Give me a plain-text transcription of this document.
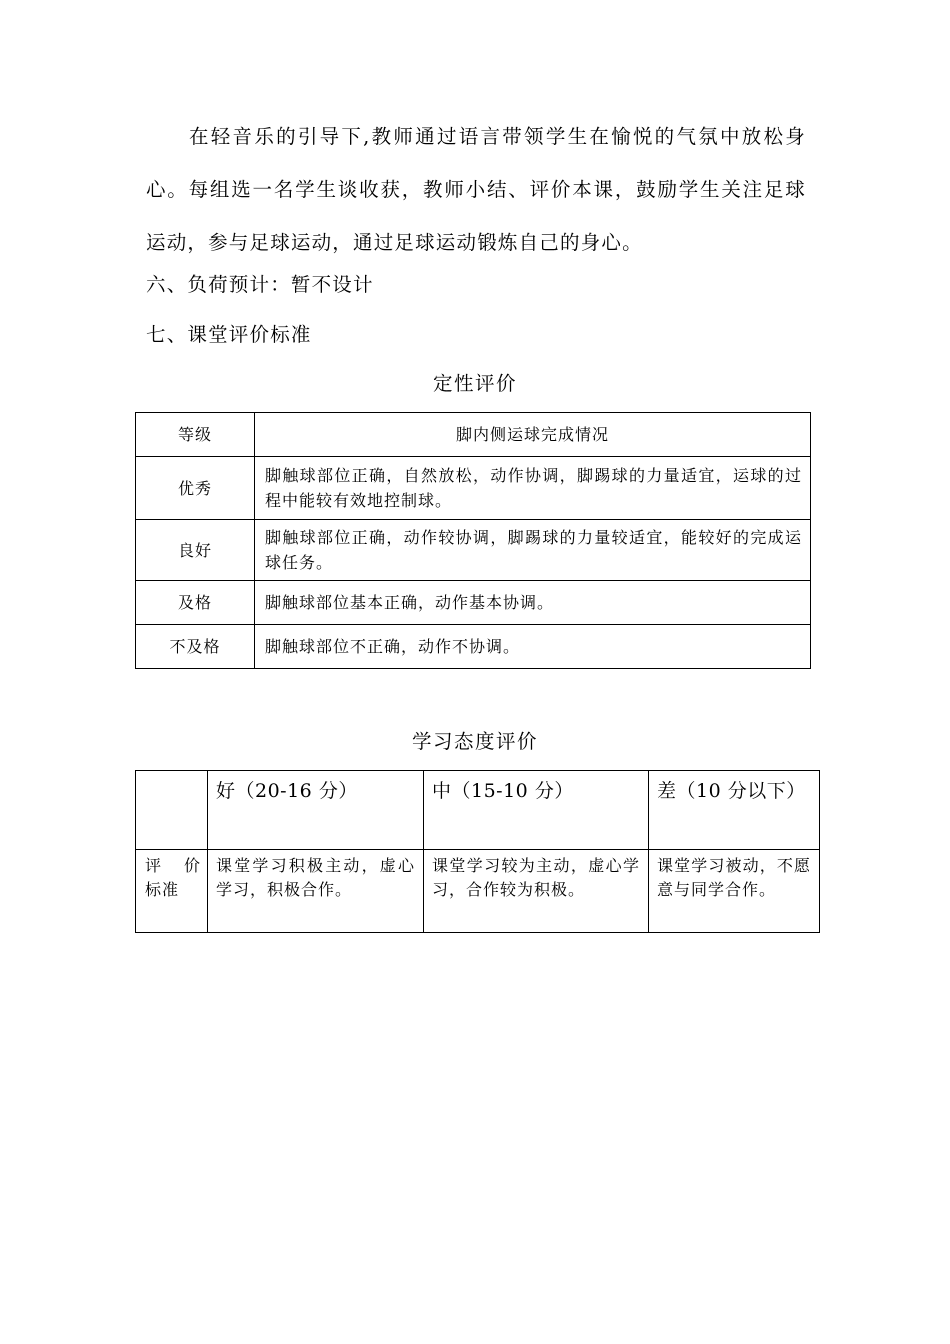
在轻音乐的引导下,教师通过语言带领学生在愉悦的气氛中放松身心。每组选一名学生谈收获，教师小结、评价本课，鼓励学生关注足球运动，参与足球运动，通过足球运动锻炼自己的身心。

六、负荷预计：暂不设计

七、课堂评价标准

定性评价

等级	脚内侧运球完成情况
优秀	脚触球部位正确，自然放松，动作协调，脚踢球的力量适宜，运球的过程中能较有效地控制球。
良好	脚触球部位正确，动作较协调，脚踢球的力量较适宜，能较好的完成运球任务。
及格	脚触球部位基本正确，动作基本协调。
不及格	脚触球部位不正确，动作不协调。

学习态度评价

	好（20-16 分）	中（15-10 分）	差（10 分以下）

评 价
标准	课堂学习积极主动，虚心学习，积极合作。	课堂学习较为主动，虚心学习，合作较为积极。	课堂学习被动，不愿意与同学合作。
